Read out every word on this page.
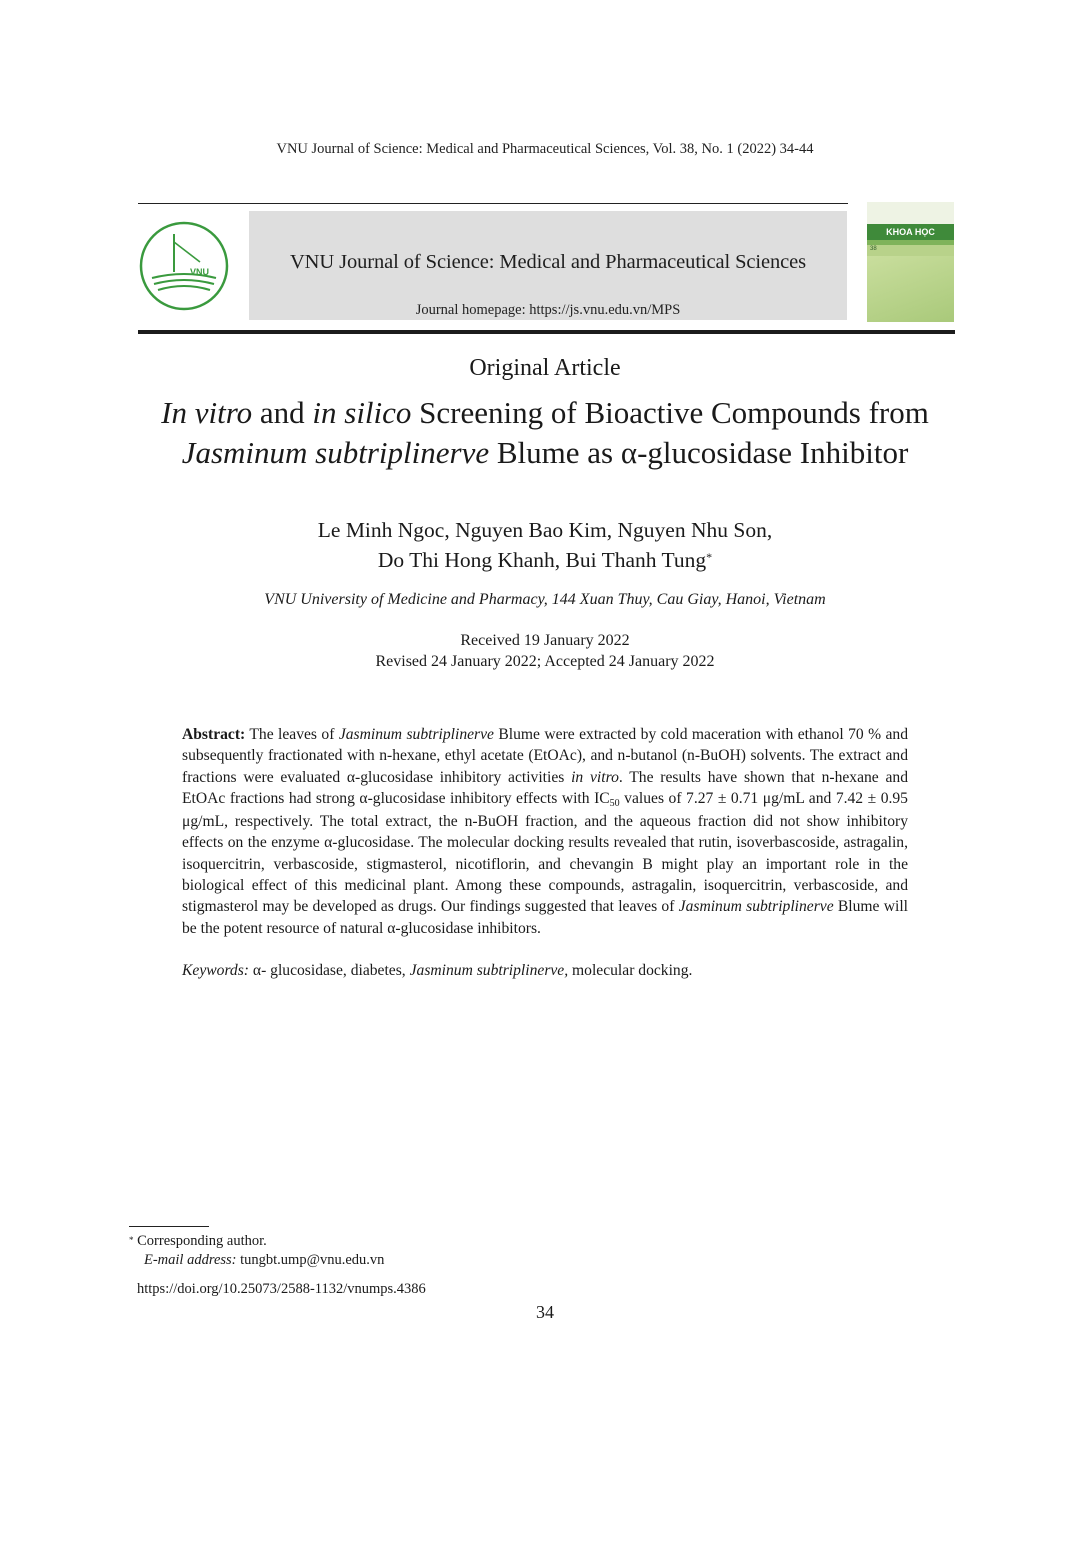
VNU Journal of Science: Medical and Pharmaceutical Sciences, Vol. 38, No. 1 (2022) 34-44
VNU	VNU Journal of Science: Medical and Pharmaceutical Sciences
Journal homepage: https://js.vnu.edu.vn/MPS
KHOA HỌC
38
Original Article
In vitro and in silico Screening of Bioactive Compounds from
Jasminum subtriplinerve Blume as α-glucosidase Inhibitor
Le Minh Ngoc, Nguyen Bao Kim, Nguyen Nhu Son,
Do Thi Hong Khanh, Bui Thanh Tung*
VNU University of Medicine and Pharmacy, 144 Xuan Thuy, Cau Giay, Hanoi, Vietnam
Received 19 January 2022
Revised 24 January 2022; Accepted 24 January 2022
Abstract: The leaves of Jasminum subtriplinerve Blume were extracted by cold maceration with ethanol 70 % and subsequently fractionated with n-hexane, ethyl acetate (EtOAc), and n-butanol (n-BuOH) solvents. The extract and fractions were evaluated α-glucosidase inhibitory activities in vitro. The results have shown that n-hexane and EtOAc fractions had strong α-glucosidase inhibitory effects with $IC_{50}$ values of 7.27 ± 0.71 μg/mL and 7.42 ± 0.95 μg/mL, respectively. The total extract, the n-BuOH fraction, and the aqueous fraction did not show inhibitory effects on the enzyme α-glucosidase. The molecular docking results revealed that rutin, isoverbascoside, astragalin, isoquercitrin, verbascoside, stigmasterol, nicotiflorin, and chevangin B might play an important role in the biological effect of this medicinal plant. Among these compounds, astragalin, isoquercitrin, verbascoside, and stigmasterol may be developed as drugs. Our findings suggested that leaves of Jasminum subtriplinerve Blume will be the potent resource of natural α-glucosidase inhibitors.
Keywords: α- glucosidase, diabetes, Jasminum subtriplinerve, molecular docking.
* Corresponding author.
E-mail address: tungbt.ump@vnu.edu.vn
https://doi.org/10.25073/2588-1132/vnumps.4386
34
